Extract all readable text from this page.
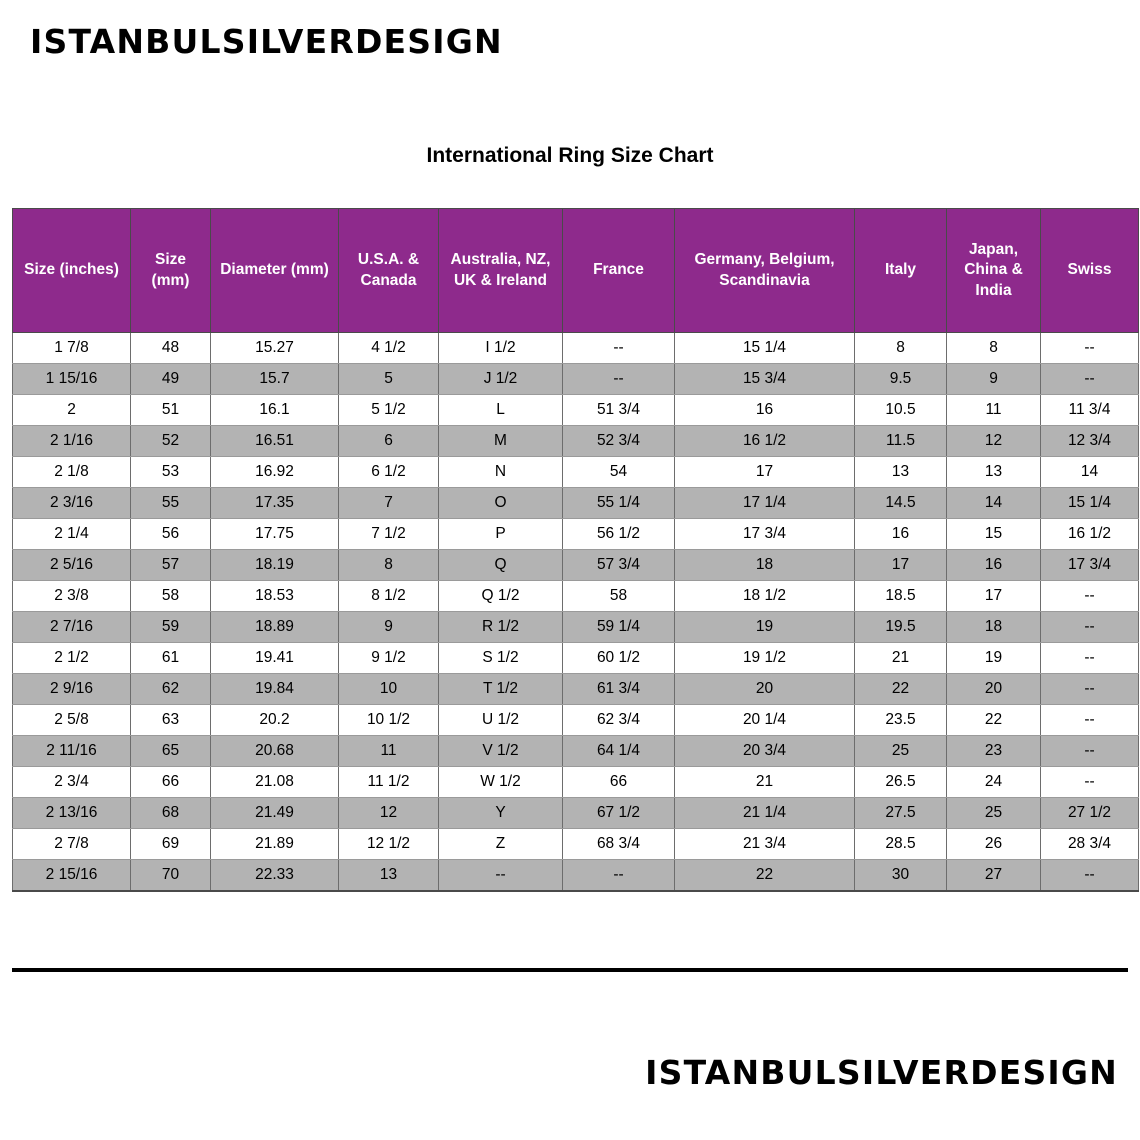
ISTANBULSILVERDESIGN
International Ring Size Chart
Size (inches)	Size (mm)	Diameter (mm)	U.S.A. & Canada	Australia, NZ, UK & Ireland	France	Germany, Belgium, Scandinavia	Italy	Japan, China & India	Swiss
1 7/8	48	15.27	4 1/2	I 1/2	--	15 1/4	8	8	--
1 15/16	49	15.7	5	J 1/2	--	15 3/4	9.5	9	--
2	51	16.1	5 1/2	L	51 3/4	16	10.5	11	11 3/4
2 1/16	52	16.51	6	M	52 3/4	16 1/2	11.5	12	12 3/4
2 1/8	53	16.92	6 1/2	N	54	17	13	13	14
2 3/16	55	17.35	7	O	55 1/4	17 1/4	14.5	14	15 1/4
2 1/4	56	17.75	7 1/2	P	56 1/2	17 3/4	16	15	16 1/2
2 5/16	57	18.19	8	Q	57 3/4	18	17	16	17 3/4
2 3/8	58	18.53	8 1/2	Q 1/2	58	18 1/2	18.5	17	--
2 7/16	59	18.89	9	R 1/2	59 1/4	19	19.5	18	--
2 1/2	61	19.41	9 1/2	S 1/2	60 1/2	19 1/2	21	19	--
2 9/16	62	19.84	10	T 1/2	61 3/4	20	22	20	--
2 5/8	63	20.2	10 1/2	U 1/2	62 3/4	20 1/4	23.5	22	--
2 11/16	65	20.68	11	V 1/2	64 1/4	20 3/4	25	23	--
2 3/4	66	21.08	11 1/2	W 1/2	66	21	26.5	24	--
2 13/16	68	21.49	12	Y	67 1/2	21 1/4	27.5	25	27 1/2
2 7/8	69	21.89	12 1/2	Z	68 3/4	21 3/4	28.5	26	28 3/4
2 15/16	70	22.33	13	--	--	22	30	27	--
ISTANBULSILVERDESIGN
